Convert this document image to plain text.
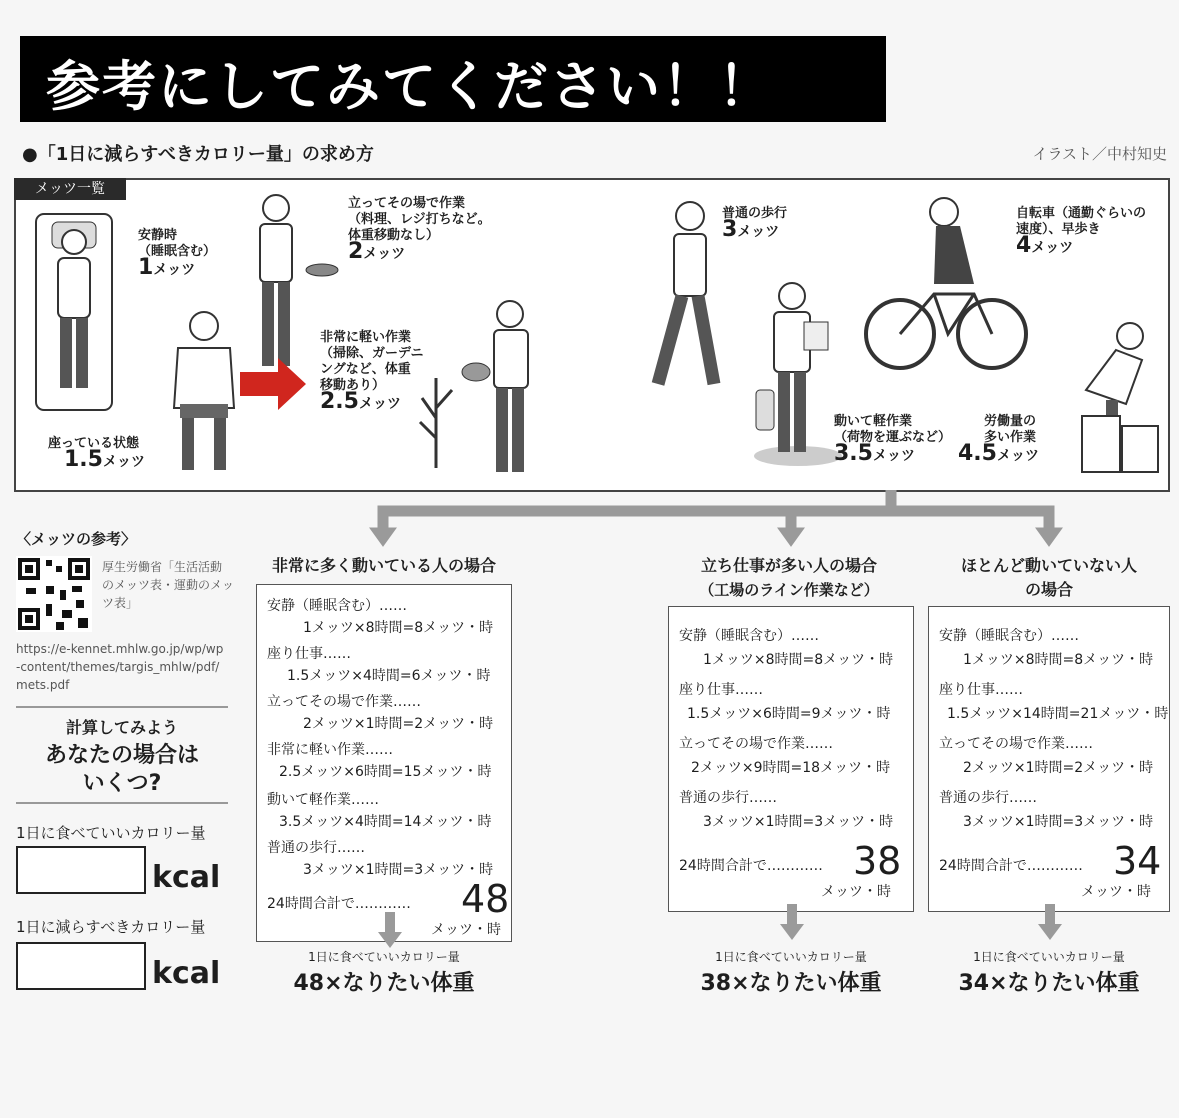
参考にしてみてください！！
●「1日に減らすべきカロリー量」の求め方	イラスト／中村知史
メッツ一覧
安静時
（睡眠含む）
1メッツ
座っている状態
1.5メッツ
立ってその場で作業
（料理、レジ打ちなど。
体重移動なし）
2メッツ
非常に軽い作業
（掃除、ガーデニ
ングなど、体重
移動あり）
2.5メッツ
普通の歩行
3メッツ
動いて軽作業
（荷物を運ぶなど）
3.5メッツ
自転車（通勤ぐらいの
速度）、早歩き
4メッツ
労働量の
多い作業
4.5メッツ
〈メッツの参考〉
厚生労働省「生活活動
のメッツ表・運動のメッ
ツ表」
https://e-kennet.mhlw.go.jp/wp/wp
-content/themes/targis_mhlw/pdf/
mets.pdf
計算してみよう
あなたの場合は
いくつ?
1日に食べていいカロリー量
kcal
1日に減らすべきカロリー量
kcal
非常に多く動いている人の場合
安静（睡眠含む）……
1メッツ×8時間=8メッツ・時
座り仕事……
1.5メッツ×4時間=6メッツ・時
立ってその場で作業……
2メッツ×1時間=2メッツ・時
非常に軽い作業……
2.5メッツ×6時間=15メッツ・時
動いて軽作業……
3.5メッツ×4時間=14メッツ・時
普通の歩行……
3メッツ×1時間=3メッツ・時
24時間合計で………… 48
メッツ・時
1日に食べていいカロリー量
48×なりたい体重
立ち仕事が多い人の場合
（工場のライン作業など）
安静（睡眠含む）……
1メッツ×8時間=8メッツ・時
座り仕事……
1.5メッツ×6時間=9メッツ・時
立ってその場で作業……
2メッツ×9時間=18メッツ・時
普通の歩行……
3メッツ×1時間=3メッツ・時
24時間合計で………… 38
メッツ・時
1日に食べていいカロリー量
38×なりたい体重
ほとんど動いていない人
の場合
安静（睡眠含む）……
1メッツ×8時間=8メッツ・時
座り仕事……
1.5メッツ×14時間=21メッツ・時
立ってその場で作業……
2メッツ×1時間=2メッツ・時
普通の歩行……
3メッツ×1時間=3メッツ・時
24時間合計で………… 34
メッツ・時
1日に食べていいカロリー量
34×なりたい体重
